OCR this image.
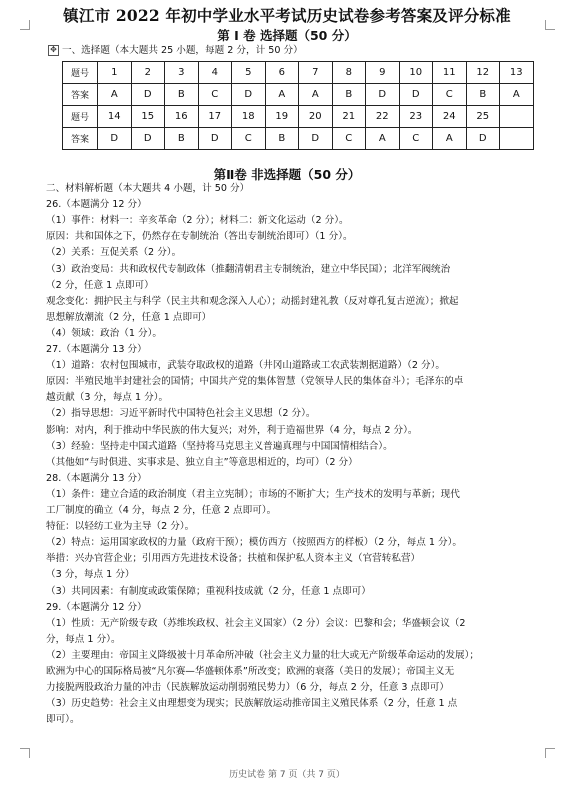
镇江市 2022 年初中学业水平考试历史试卷参考答案及评分标准
第 Ⅰ 卷 选择题（50 分）
✥ 一、选择题（本大题共 25 小题，每题 2 分，计 50 分）
题号	1	2	3	4	5	6	7	8	9	10	11	12	13
答案	A	D	B	C	D	A	A	B	D	D	C	B	A
题号	14	15	16	17	18	19	20	21	22	23	24	25	
答案	D	D	B	D	C	B	D	C	A	C	A	D	
第Ⅱ卷 非选择题（50 分）
二、材料解析题（本大题共 4 小题，计 50 分）
26.（本题满分 12 分）
（1）事件：材料一：辛亥革命（2 分）；材料二：新文化运动（2 分）。
原因：共和国体之下，仍然存在专制统治（答出专制统治即可）（1 分）。
（2）关系：互促关系（2 分）。
（3）政治变局：共和政权代专制政体（推翻清朝君主专制统治，建立中华民国）；北洋军阀统治
（2 分，任意 1 点即可）
观念变化：拥护民主与科学（民主共和观念深入人心）；动摇封建礼教（反对尊孔复古逆流）；掀起
思想解放潮流（2 分，任意 1 点即可）
（4）领域：政治（1 分）。
27.（本题满分 13 分）
（1）道路：农村包围城市，武装夺取政权的道路（井冈山道路或工农武装割据道路）（2 分）。
原因：半殖民地半封建社会的国情；中国共产党的集体智慧（党领导人民的集体奋斗）；毛泽东的卓
越贡献（3 分，每点 1 分）。
（2）指导思想：习近平新时代中国特色社会主义思想（2 分）。
影响：对内，利于推动中华民族的伟大复兴；对外，利于造福世界（4 分，每点 2 分）。
（3）经验：坚持走中国式道路（坚持将马克思主义普遍真理与中国国情相结合）。
（其他如“与时俱进、实事求是、独立自主”等意思相近的，均可）（2 分）
28.（本题满分 13 分）
（1）条件：建立合适的政治制度（君主立宪制）；市场的不断扩大；生产技术的发明与革新；现代
工厂制度的确立（4 分，每点 2 分，任意 2 点即可）。
特征：以轻纺工业为主导（2 分）。
（2）特点：运用国家政权的力量（政府干预）；模仿西方（按照西方的样板）（2 分，每点 1 分）。
举措：兴办官营企业；引用西方先进技术设备；扶植和保护私人资本主义（官营转私营）
（3 分，每点 1 分）
（3）共同因素：有制度或政策保障；重视科技成就（2 分，任意 1 点即可）
29.（本题满分 12 分）
（1）性质：无产阶级专政（苏维埃政权、社会主义国家）（2 分）会议：巴黎和会；华盛顿会议（2
分，每点 1 分）。
（2）主要理由：帝国主义降级被十月革命所冲破（社会主义力量的壮大或无产阶级革命运动的发展）；
欧洲为中心的国际格局被“凡尔赛—华盛顿体系”所改变；欧洲的衰落（美日的发展）；帝国主义无
力接脱两股政治力量的冲击（民族解放运动削弱殖民势力）（6 分，每点 2 分，任意 3 点即可）
（3）历史趋势：社会主义由理想变为现实；民族解放运动推帝国主义殖民体系（2 分，任意 1 点
即可）。
历史试卷 第 7 页（共 7 页）
